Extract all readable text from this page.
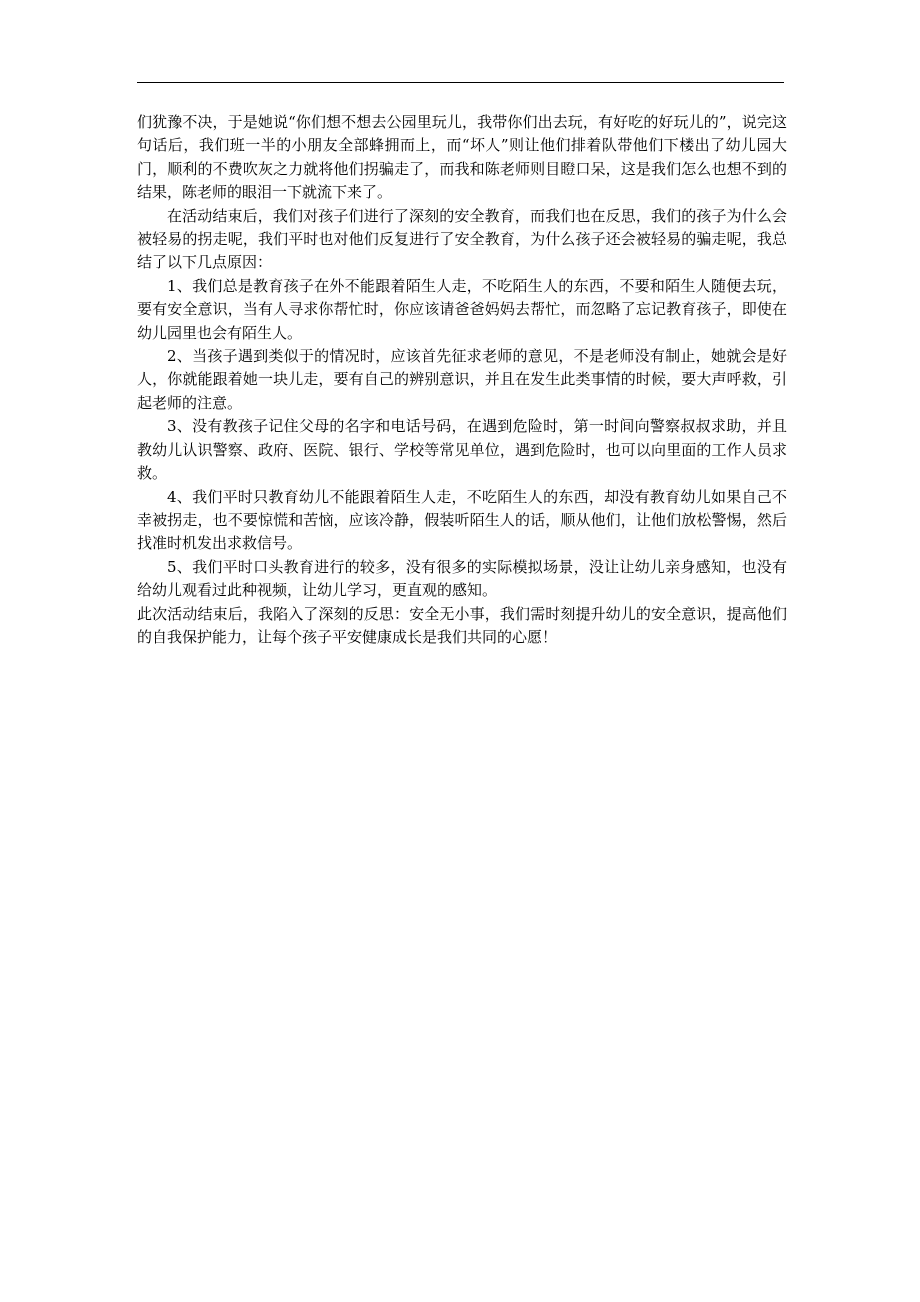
们犹豫不决，于是她说“你们想不想去公园里玩儿，我带你们出去玩，有好吃的好玩儿的”，说完这句话后，我们班一半的小朋友全部蜂拥而上，而“坏人”则让他们排着队带他们下楼出了幼儿园大门，顺利的不费吹灰之力就将他们拐骗走了，而我和陈老师则目瞪口呆，这是我们怎么也想不到的结果，陈老师的眼泪一下就流下来了。

在活动结束后，我们对孩子们进行了深刻的安全教育，而我们也在反思，我们的孩子为什么会被轻易的拐走呢，我们平时也对他们反复进行了安全教育，为什么孩子还会被轻易的骗走呢，我总结了以下几点原因：

1、我们总是教育孩子在外不能跟着陌生人走，不吃陌生人的东西，不要和陌生人随便去玩，要有安全意识，当有人寻求你帮忙时，你应该请爸爸妈妈去帮忙，而忽略了忘记教育孩子，即使在幼儿园里也会有陌生人。

2、当孩子遇到类似于的情况时，应该首先征求老师的意见，不是老师没有制止，她就会是好人，你就能跟着她一块儿走，要有自己的辨别意识，并且在发生此类事情的时候，要大声呼救，引起老师的注意。

3、没有教孩子记住父母的名字和电话号码，在遇到危险时，第一时间向警察叔叔求助，并且教幼儿认识警察、政府、医院、银行、学校等常见单位，遇到危险时，也可以向里面的工作人员求救。

4、我们平时只教育幼儿不能跟着陌生人走，不吃陌生人的东西，却没有教育幼儿如果自己不幸被拐走，也不要惊慌和苦恼，应该冷静，假装听陌生人的话，顺从他们，让他们放松警惕，然后找准时机发出求救信号。

5、我们平时口头教育进行的较多，没有很多的实际模拟场景，没让让幼儿亲身感知，也没有给幼儿观看过此种视频，让幼儿学习，更直观的感知。

此次活动结束后，我陷入了深刻的反思：安全无小事，我们需时刻提升幼儿的安全意识，提高他们的自我保护能力，让每个孩子平安健康成长是我们共同的心愿！
